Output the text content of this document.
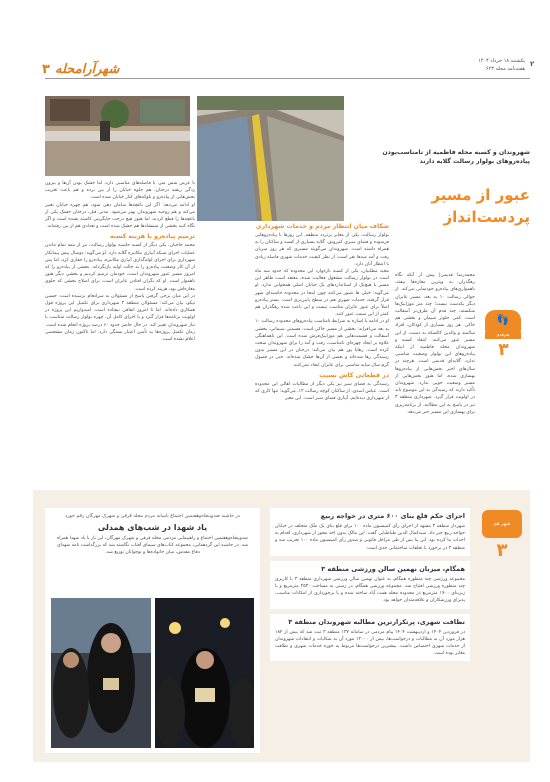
شهرآرامحله ۳
یکشنبه ۱۸ خرداد ۱۴۰۴
هفته‌نامه محله ۶۲۳
۲

شهروندان و کسبه محله فاطمیه از نامناسب‌بودن پیاده‌روهای بولوار رسالت گلایه دارند

عبور از مسیر پردست‌انداز
👣
هم‌قدم
۳

محمدرضا قدیمی| پیش از آنکه نگاه رهگذران به ویترین مغازه‌ها بیفتد، ناهمواری‌های پیاده‌رو خودنمایی می‌کند. از حوالی رسالت ۱۰ به بعد، مسیر عابران دیگر یکدست نیست؛ چند متر موزاییک‌ها شکسته، چند قدم آن طرف‌تر آسفالت است. کمی جلوتر سیمان و بخشی هم خاکی. هر روز بسیاری از کودکان، افراد سالمند و والدین کالسکه به دست، از این مسیر عبور می‌کنند. انتقاد کسبه و شهروندان محله فاطمیه از اینکه پیاده‌روهای این بولوار وضعیت مناسبی ندارد، گلایه‌ای قدیمی است. هرچند در سال‌های اخیر بخش‌هایی از پیاده‌روها بهسازی شده، اما هنوز بخش‌هایی از مسیر وضعیت خوبی ندارد. شهروندان تأکید دارند که رسیدگی به این موضوع باید در اولویت قرار گیرد. شهرداری منطقه ۳ نیز در پاسخ به این مطالبه، از برنامه‌ریزی برای بهسازی این مسیر خبر می‌دهد.

شکاف میان انتظار مردم و خدمات شهرداری

بولوار رسالت، یکی از معابر پرتردد منطقه، این روزها با پیاده‌روهایی فرسوده و فضای سبزی کم‌رونق، گلایه بسیاری از کسبه و ساکنان را به همراه داشته است. شهروندان می‌گویند مسیری که هر روز میزبان رفت و آمد صدها نفر است، از نظر کیفیت خدمات شهری فاصله زیادی با انتظار آنان دارد.

مجید مطلبیان، یکی از کسبه تازه‌وارد این محدوده که حدود سه ماه است در بولوار رسالت مشغول فعالیت شده، معتقد است ظاهر این مسیر با هیچ‌یک از استانداردهای یک خیابان اصلی همخوانی ندارد. او می‌گوید: خیلی ها تصور می‌کنند چون اینجا در محدوده حاشیه‌ای شهر قرار گرفته، خدمات شهری هم در سطح پایین‌تری است. بستر پیاده‌رو اصلاً برای عبور عابران مناسب نیست و این باعث شده رهگذران هم کمتر از این سمت عبور کنند.

او در ادامه با اشاره به شرایط نامناسب پیاده‌روهای محدوده رسالت ۱۰ به بعد می‌افزاید: بخشی از مسیر خاکی است، قسمتی سیمانی، بخشی آسفالت و قسمت‌هایی هم موزاییک‌فرش شده است. این ناهماهنگی علاوه بر ایجاد چهره‌ای نامناسب، رفت و آمد را برای شهروندان سخت کرده است. رهایا پور هم بیان می‌کند: درختان در این مسیر بدون رسیدگی رها شده‌اند و بعضی از آن‌ها خشک شده‌اند. حتی در فصول گرم سال سایه مناسبی برای عابران ایجاد نمی‌کنند.

در قطعاتی کاش نسیت

رسیدگی به فضای سبز نیز یکی دیگر از مطالبات اهالی این محدوده است. عباس اسدی، از ساکنان کوچه رسالت ۱۲، می‌گوید: تنها کاری که از شهرداری دیده‌ایم، آبیاری فضای سبز است. این معبر

با عرض شش متر، با فاصله‌های مناسبی دارد، اما خشک بودن آن‌ها و بیرون زدگی ریشه درختان، هم جلوه خیابان را از بین برده و هم باعث تخریب بخش‌هایی از پیاده‌رو و بلوکه‌های کنار خیابان شده است.

او ادامه می‌دهد: اگر این باغچه‌ها سامان دهی شود، هم چهره خیابان تغییر می‌کند و هم روحیه شهروندان بهتر می‌شود. مدتی قبل، درختان خشک یکی از باغچه‌ها را قطع کردند، اما هنوز هیچ درخت جایگزینی کاشته نشده است و اگر نگاه کنید بخشی از شمشادها هم خشک شده است و تعدادی هم از بین رفته‌اند.

ترمیم پیاده‌رو با هزینه کسبه

محمد حاجیان، یکی دیگر از کسبه حاشیه بولوار رسالت، نیز از نیمه تمام ماندن عملیات اجرای شبکه آبیاری مکانیزه گلایه دارد. او می‌گوید: دوسال پیش پیمانکار شهرداری برای اجرای لوله‌گذاری آبیاری مکانیزه، پیاده‌رو را حفاری کرد، اما پس از آن کار وضعیت پیاده‌رو را به حالت اولیه بازنگرداند. بخشی از پیاده‌رو را که امروز مسیر عبور شهروندان است، خودمان ترمیم کردیم و بخشی دیگر هنوز ناهموار است. او که نگران افتادن عابران است، برای اصلاح بخشی که جلوی مغازه‌اش بود، هزینه کرده است.

در این میان برخی گرفتن پاسخ از مسئولان به سرانجام نرسیده است. حسین نیکو، بیان می‌کند: مسئولان منطقه ۳ شهرداری برای تکمیل این پروژه قول همکاری داده‌اند. اما تا امروز اتفاقی نیفتاده است. امیدواریم این پروژه در اولویت برنامه‌ها قرار گیرد و با اجرای کامل آن، چهره بولوار رسالت متناسب با نیاز شهروندان تغییر کند. در حال حاضر حدود ۶۰ درصد پروژه انجام شده است. زمان تکمیل پروژه‌ها به تأمین اعتبار بستگی دارد. اما تاکنون زمان مشخصی اعلام نشده است.

شهر هم
۳

اجرای حکم قلع بنای ۶۰۰ متری در خواجه ربیع

شهردار منطقه ۳ مشهد از اجرای رأی کمیسیون ماده ۱۰۰ برای قلع بنای یک ملک متخلف در خیابان خواجه ربیع خبر داد. سیدکمال الدین طباطبایی گفت: این مالک بدون اخذ مجوز از شهرداری، اقدام به احداث بنا کرده بود. این بنا پس از طی مراحل قانونی و صدور رأی کمیسیون ماده ۱۰۰ تخریب شد و منطقه ۳ در برخورد با تخلفات ساختمانی جدی است.

همگام، میزبان نهمین سالن ورزشی منطقه ۳

مجموعه ورزشی چند منظوره همگام، به عنوان نهمین سالن ورزشی شهرداری منطقه ۳ با کاربری چند منظوره ورزشی افتتاح شد. مجموعه ورزشی همگام، در زمینی به مساحت ۲۵۳۰ مترمربع و با زیربنای ۱۷۰۰ مترمربع در محدوده محله همت آباد ساخته شده و با برخورداری از امکانات مناسب، پذیرای ورزشکاران و علاقه‌مندان خواهد بود.

نظافت شهری، پرتکرارترین مطالبه شهروندان منطقه ۳

در فروردین ۱۴۰۴ و اردیبهشت ۱۴۰۴ پیام مردمی در سامانه ۱۳۷ منطقه ۳ ثبت شد که بیش از ۱۸۴ هزار مورد آن به مطالبات و درخواست‌ها، بیش از ۱۲۰۰۰ مورد آن به شکایات و انتقادات شهروندان از خدمات شهری اختصاص داشت. بیشترین درخواست‌ها مربوط به حوزه خدمات شهری و نظافت معابر بوده است.

در حاشیه صدوپنجاه‌وهفتمین اجتماع ناسانه مردم محله قرقی و شهرک مهرگان رقم خورد

یاد شهدا در شب‌های همدلی

صدوپنجاه‌وهفتمین اجتماع و راهپیمایی مردمی محله قرقی و شهرک مهرگان، این بار با یاد شهدا همراه شد. در حاشیه این گردهمایی، مجموعه کتاب‌های سیمای آفتاب نگاشته شد که بزرگداشت نامه شهدای دفاع مقدس، میان خانواده‌ها و نوجوانان توزیع شد.
